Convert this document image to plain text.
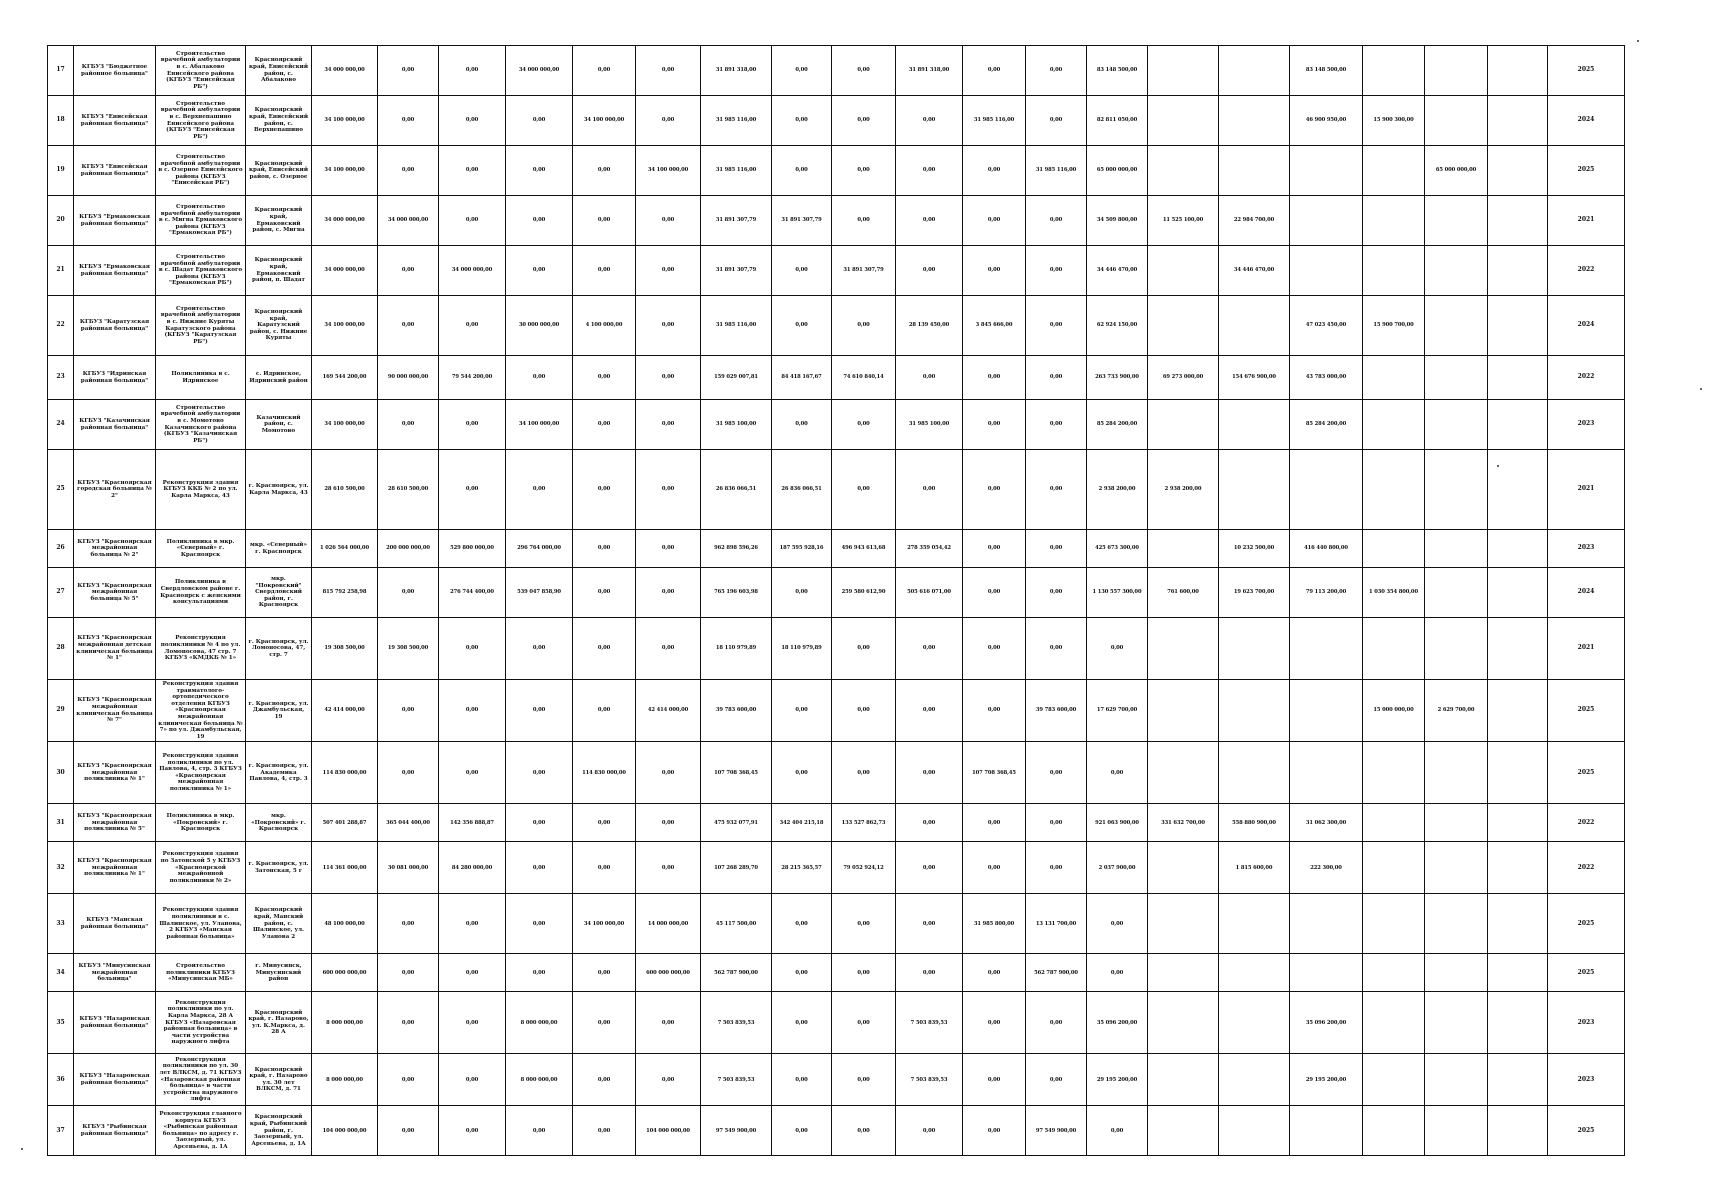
17	КГБУЗ "Бюджетное районное больница"	Строительство врачебной амбулатории в с. Абалаково Енисейского района (КГБУЗ "Енисейская РБ")	Красноярский край, Енисейский район, с. Абалаково	34 000 000,00	0,00	0,00	34 000 000,00	0,00	0,00	31 891 318,00	0,00	0,00	31 891 318,00	0,00	0,00	83 148 500,00			83 148 500,00				2025
18	КГБУЗ "Енисейская районная больница"	Строительство врачебной амбулатории в с. Верхнепашино Енисейского района (КГБУЗ "Енисейская РБ")	Красноярский край, Енисейский район, с. Верхнепашино	34 100 000,00	0,00	0,00	0,00	34 100 000,00	0,00	31 985 116,00	0,00	0,00	0,00	31 985 116,00	0,00	82 811 050,00			46 900 950,00	15 900 300,00			2024
19	КГБУЗ "Енисейская районная больница"	Строительство врачебной амбулатории в с. Озерное Енисейского района (КГБУЗ "Енисейская РБ")	Красноярский край, Енисейский район, с. Озерное	34 100 000,00	0,00	0,00	0,00	0,00	34 100 000,00	31 985 116,00	0,00	0,00	0,00	0,00	31 985 116,00	65 000 000,00					65 000 000,00		2025
20	КГБУЗ "Ермаковская районная больница"	Строительство врачебной амбулатории в с. Мигна Ермаковского района (КГБУЗ "Ермаковская РБ")	Красноярский край, Ермаковский район, с. Мигна	34 000 000,00	34 000 000,00	0,00	0,00	0,00	0,00	31 891 307,79	31 891 307,79	0,00	0,00	0,00	0,00	34 509 800,00	11 525 100,00	22 984 700,00					2021
21	КГБУЗ "Ермаковская районная больница"	Строительство врачебной амбулатории в с. Шадат Ермаковского района (КГБУЗ "Ермаковская РБ")	Красноярский край, Ермаковский район, п. Шадат	34 000 000,00	0,00	34 000 000,00	0,00	0,00	0,00	31 891 307,79	0,00	31 891 307,79	0,00	0,00	0,00	34 446 470,00		34 446 470,00					2022
22	КГБУЗ "Каратузская районная больница"	Строительство врачебной амбулатории в с. Нижние Куряты Каратузского района (КГБУЗ "Каратузская РБ")	Красноярский край, Каратузский район, с. Нижние Куряты	34 100 000,00	0,00	0,00	30 000 000,00	4 100 000,00	0,00	31 985 116,00	0,00	0,00	28 139 450,00	3 845 666,00	0,00	62 924 150,00			47 023 450,00	15 900 700,00			2024
23	КГБУЗ "Идринская районная больница"	Поликлиника в с. Идринское	с. Идринское, Идринский район	169 544 200,00	90 000 000,00	79 544 200,00	0,00	0,00	0,00	159 029 007,81	84 418 167,67	74 610 840,14	0,00	0,00	0,00	263 733 900,00	69 273 000,00	154 676 900,00	43 783 000,00				2022
24	КГБУЗ "Казачинская районная больница"	Строительство врачебной амбулатории в с. Момотово Казачинского района (КГБУЗ "Казачинская РБ")	Казачинский район, с. Момотово	34 100 000,00	0,00	0,00	34 100 000,00	0,00	0,00	31 985 100,00	0,00	0,00	31 985 100,00	0,00	0,00	85 284 200,00			85 284 200,00				2023
25	КГБУЗ "Красноярская городская больница № 2"	Реконструкция здания КГБУЗ ККБ № 2 по ул. Карла Маркса, 43	г. Красноярск, ул. Карла Маркса, 43	28 610 500,00	28 610 500,00	0,00	0,00	0,00	0,00	26 836 066,51	26 836 066,51	0,00	0,00	0,00	0,00	2 938 200,00	2 938 200,00						2021
26	КГБУЗ "Красноярская межрайонная больница № 2"	Поликлиника в мкр. «Северный» г. Красноярск	мкр. «Северный» г. Красноярск	1 026 564 000,00	200 000 000,00	529 800 000,00	296 764 000,00	0,00	0,00	962 898 596,26	187 595 928,16	496 943 613,68	278 359 054,42	0,00	0,00	425 673 300,00		10 232 500,00	416 440 800,00				2023
27	КГБУЗ "Красноярская межрайонная больница № 5"	Поликлиника в Свердловском районе г. Красноярск с женскими консультациями	мкр. "Покровский" Свердловский район, г. Красноярск	815 792 258,98	0,00	276 744 400,00	539 047 858,90	0,00	0,00	765 196 603,98	0,00	259 580 612,90	505 616 071,00	0,00	0,00	1 130 557 300,00	761 600,00	19 623 700,00	79 113 200,00	1 030 354 800,00			2024
28	КГБУЗ "Красноярская межрайонная детская клиническая больница № 1"	Реконструкция поликлиники № 4 по ул. Ломоносова, 47 стр. 7 КГБУЗ «КМДКБ № 1»	г. Красноярск, ул. Ломоносова, 47, стр. 7	19 308 500,00	19 308 500,00	0,00	0,00	0,00	0,00	18 110 979,89	18 110 979,89	0,00	0,00	0,00	0,00	0,00							2021
29	КГБУЗ "Красноярская межрайонная клиническая больница № 7"	Реконструкция здания травматолого-ортопедического отделения КГБУЗ «Красноярская межрайонная клиническая больница № 7» по ул. Джамбульская, 19	г. Красноярск, ул. Джамбульская, 19	42 414 000,00	0,00	0,00	0,00	0,00	42 414 000,00	39 783 600,00	0,00	0,00	0,00	0,00	39 783 600,00	17 629 700,00				15 000 000,00	2 629 700,00		2025
30	КГБУЗ "Красноярская межрайонная поликлиника № 1"	Реконструкция здания поликлиники по ул. Павлова, 4, стр. 3 КГБУЗ «Красноярская межрайонная поликлиника № 1»	г. Красноярск, ул. Академика Павлова, 4, стр. 3	114 830 000,00	0,00	0,00	0,00	114 830 000,00	0,00	107 708 368,45	0,00	0,00	0,00	107 708 368,45	0,00	0,00							2025
31	КГБУЗ "Красноярская межрайонная поликлиника № 5"	Поликлиника в мкр. «Покровский» г. Красноярск	мкр. «Покровский» г. Красноярск	507 401 288,87	365 044 400,00	142 356 888,87	0,00	0,00	0,00	475 932 077,91	342 404 215,18	133 527 862,73	0,00	0,00	0,00	921 063 900,00	331 632 700,00	558 880 900,00	31 062 300,00				2022
32	КГБУЗ "Красноярская межрайонная поликлиника № 1"	Реконструкция здания по Затонской 5 у КГБУЗ «Красноярской межрайонной поликлиники № 2»	г. Красноярск, ул. Затонская, 5 г	114 361 000,00	30 081 000,00	84 280 000,00	0,00	0,00	0,00	107 268 289,70	28 215 365,57	79 052 924,12	0,00	0,00	0,00	2 037 900,00		1 815 600,00	222 300,00				2022
33	КГБУЗ "Манская районная больница"	Реконструкция здания поликлиники в с. Шалинское, ул. Уланова, 2 КГБУЗ «Манская районная больница»	Красноярский край, Манский район, с. Шалинское, ул. Уланова 2	48 100 000,00	0,00	0,00	0,00	34 100 000,00	14 000 000,00	45 117 500,00	0,00	0,00	0,00	31 985 800,00	13 131 700,00	0,00							2025
34	КГБУЗ "Минусинская межрайонная больница"	Строительство поликлиники КГБУЗ «Минусинская МБ»	г. Минусинск, Минусинский район	600 000 000,00	0,00	0,00	0,00	0,00	600 000 000,00	562 787 900,00	0,00	0,00	0,00	0,00	562 787 900,00	0,00							2025
35	КГБУЗ "Назаровская районная больница"	Реконструкция поликлиники по ул. Карла Маркса, 28 А КГБУЗ «Назаровская районная больница» в части устройства наружного лифта	Красноярский край, г. Назарово, ул. К.Маркса, д. 28 А	8 000 000,00	0,00	0,00	8 000 000,00	0,00	0,00	7 503 839,53	0,00	0,00	7 503 839,53	0,00	0,00	35 096 200,00			35 096 200,00				2023
36	КГБУЗ "Назаровская районная больница"	Реконструкция поликлиники по ул. 30 лет ВЛКСМ, д. 71 КГБУЗ «Назаровская районная больница» в части устройства наружного лифта	Красноярский край, г. Назарово ул. 30 лет ВЛКСМ, д. 71	8 000 000,00	0,00	0,00	8 000 000,00	0,00	0,00	7 503 839,53	0,00	0,00	7 503 839,53	0,00	0,00	29 195 200,00			29 195 200,00				2023
37	КГБУЗ "Рыбинская районная больница"	Реконструкция главного корпуса КГБУЗ «Рыбинская районная больница» по адресу г. Заозерный, ул. Арсеньева, д. 1А	Красноярский край, Рыбинский район, г. Заозерный, ул. Арсеньева, д. 1А	104 000 000,00	0,00	0,00	0,00	0,00	104 000 000,00	97 549 900,00	0,00	0,00	0,00	0,00	97 549 900,00	0,00							2025
